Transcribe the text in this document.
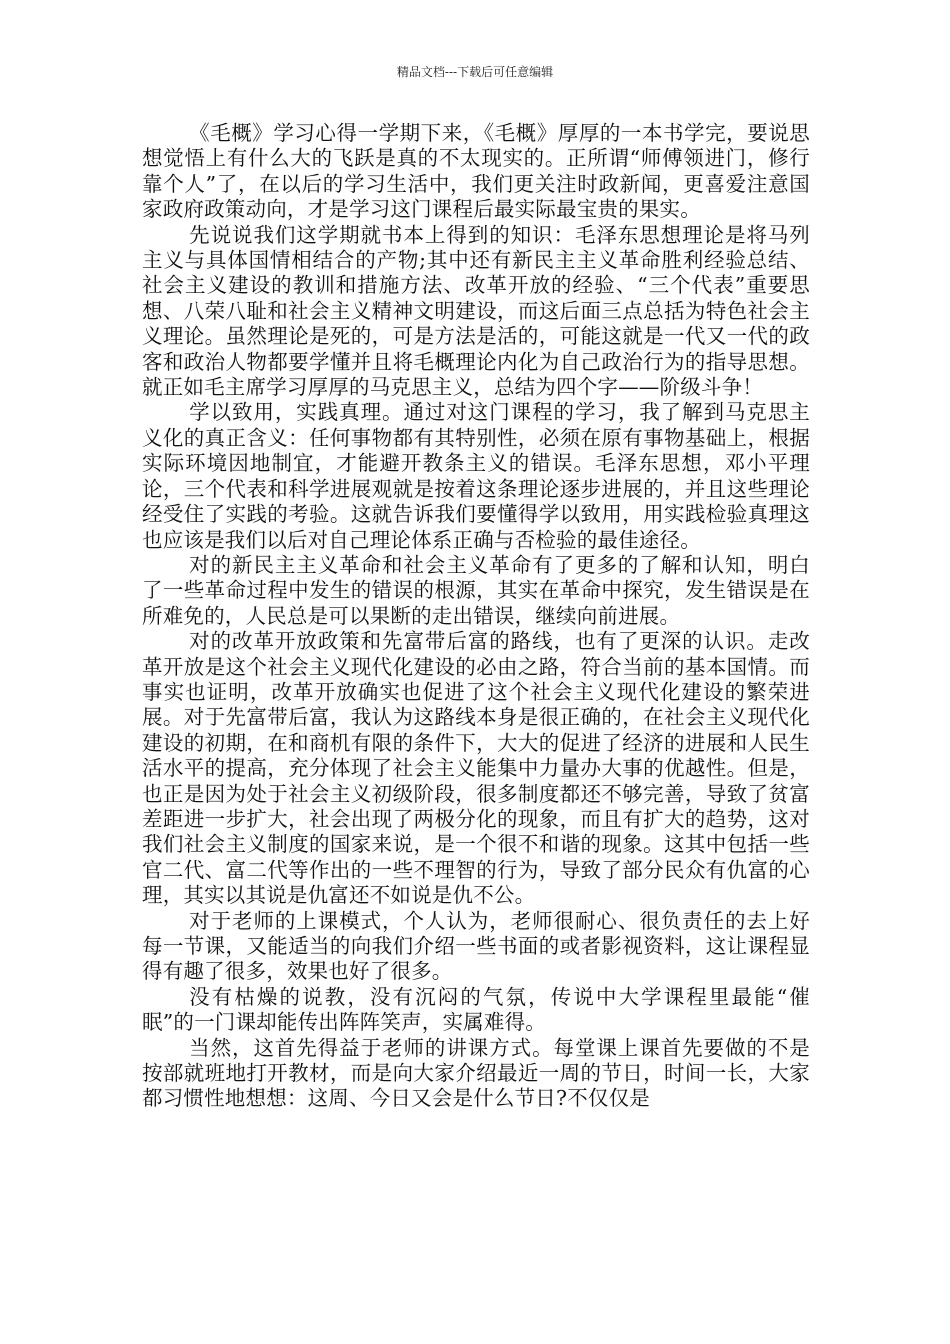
精品文档---下载后可任意编辑

《毛概》学习心得一学期下来，《毛概》厚厚的一本书学完，要说思想觉悟上有什么大的飞跃是真的不太现实的。正所谓“师傅领进门，修行靠个人”了，在以后的学习生活中，我们更关注时政新闻，更喜爱注意国家政府政策动向，才是学习这门课程后最实际最宝贵的果实。

先说说我们这学期就书本上得到的知识：毛泽东思想理论是将马列主义与具体国情相结合的产物;其中还有新民主主义革命胜利经验总结、社会主义建设的教训和措施方法、改革开放的经验、“三个代表”重要思想、八荣八耻和社会主义精神文明建设，而这后面三点总括为特色社会主义理论。虽然理论是死的，可是方法是活的，可能这就是一代又一代的政客和政治人物都要学懂并且将毛概理论内化为自己政治行为的指导思想。就正如毛主席学习厚厚的马克思主义，总结为四个字——阶级斗争！

学以致用，实践真理。通过对这门课程的学习，我了解到马克思主义化的真正含义：任何事物都有其特别性，必须在原有事物基础上，根据实际环境因地制宜，才能避开教条主义的错误。毛泽东思想，邓小平理论，三个代表和科学进展观就是按着这条理论逐步进展的，并且这些理论经受住了实践的考验。这就告诉我们要懂得学以致用，用实践检验真理这也应该是我们以后对自己理论体系正确与否检验的最佳途径。

对的新民主主义革命和社会主义革命有了更多的了解和认知，明白了一些革命过程中发生的错误的根源，其实在革命中探究，发生错误是在所难免的，人民总是可以果断的走出错误，继续向前进展。

对的改革开放政策和先富带后富的路线，也有了更深的认识。走改革开放是这个社会主义现代化建设的必由之路，符合当前的基本国情。而事实也证明，改革开放确实也促进了这个社会主义现代化建设的繁荣进展。对于先富带后富，我认为这路线本身是很正确的，在社会主义现代化建设的初期，在和商机有限的条件下，大大的促进了经济的进展和人民生活水平的提高，充分体现了社会主义能集中力量办大事的优越性。但是，也正是因为处于社会主义初级阶段，很多制度都还不够完善，导致了贫富差距进一步扩大，社会出现了两极分化的现象，而且有扩大的趋势，这对我们社会主义制度的国家来说，是一个很不和谐的现象。这其中包括一些官二代、富二代等作出的一些不理智的行为，导致了部分民众有仇富的心理，其实以其说是仇富还不如说是仇不公。

对于老师的上课模式，个人认为，老师很耐心、很负责任的去上好每一节课，又能适当的向我们介绍一些书面的或者影视资料，这让课程显得有趣了很多，效果也好了很多。

没有枯燥的说教，没有沉闷的气氛，传说中大学课程里最能“催眠”的一门课却能传出阵阵笑声，实属难得。

当然，这首先得益于老师的讲课方式。每堂课上课首先要做的不是按部就班地打开教材，而是向大家介绍最近一周的节日，时间一长，大家都习惯性地想想：这周、今日又会是什么节日?不仅仅是
